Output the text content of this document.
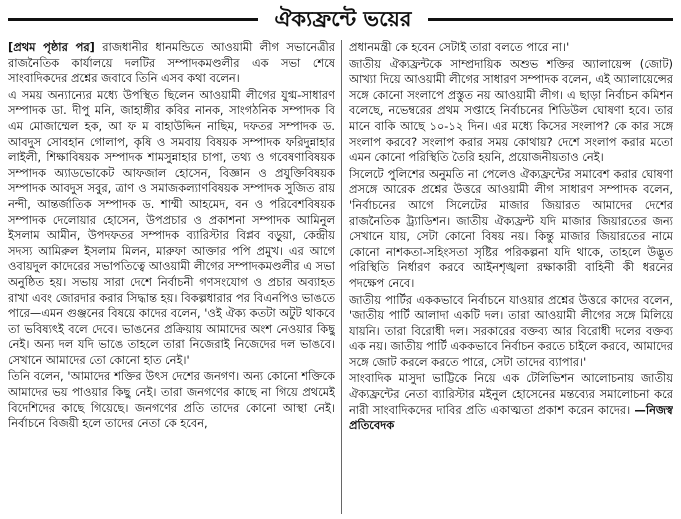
ঐক্যফ্রন্টে ভয়ের

[প্রথম পৃষ্ঠার পর] রাজধানীর ধানমন্ডিতে আওয়ামী লীগ সভানেত্রীর রাজনৈতিক কার্যালয়ে দলটির সম্পাদকমণ্ডলীর এক সভা শেষে সাংবাদিকদের প্রশ্নের জবাবে তিনি এসব কথা বলেন।

এ সময় অন্যান্যের মধ্যে উপস্থিত ছিলেন আওয়ামী লীগের যুগ্ম-সাধারণ সম্পাদক ডা. দীপু মনি, জাহাঙ্গীর কবির নানক, সাংগঠনিক সম্পাদক বি এম মোজাম্মেল হক, আ ফ ম বাহাউদ্দিন নাছিম, দফতর সম্পাদক ড. আবদুস সোবহান গোলাপ, কৃষি ও সমবায় বিষয়ক সম্পাদক ফরিদুন্নাহার লাইলী, শিক্ষাবিষয়ক সম্পাদক শামসুন্নাহার চাপা, তথ্য ও গবেষণাবিষয়ক সম্পাদক অ্যাডভোকেট আফজাল হোসেন, বিজ্ঞান ও প্রযুক্তিবিষয়ক সম্পাদক আবদুস সবুর, ত্রাণ ও সমাজকল্যাণবিষয়ক সম্পাদক সুজিত রায় নন্দী, আন্তর্জাতিক সম্পাদক ড. শাম্মী আহমেদ, বন ও পরিবেশবিষয়ক সম্পাদক দেলোয়ার হোসেন, উপপ্রচার ও প্রকাশনা সম্পাদক আমিনুল ইসলাম আমীন, উপদফতর সম্পাদক ব্যারিস্টার বিপ্লব বড়ুয়া, কেন্দ্রীয় সদস্য আমিরুল ইসলাম মিলন, মারুফা আক্তার পপি প্রমুখ। এর আগে ওবায়দুল কাদেরের সভাপতিত্বে আওয়ামী লীগের সম্পাদকমণ্ডলীর এ সভা অনুষ্ঠিত হয়। সভায় সারা দেশে নির্বাচনী গণসংযোগ ও প্রচার অব্যাহত রাখা এবং জোরদার করার সিদ্ধান্ত হয়। বিকল্পধারার পর বিএনপিও ভাঙতে পারে—এমন গুঞ্জনের বিষয়ে কাদের বলেন, 'ওই ঐক্য কতটা অটুট থাকবে তা ভবিষ্যৎই বলে দেবে। ভাঙনের প্রক্রিয়ায় আমাদের অংশ নেওয়ার কিছু নেই। অন্য দল যদি ভাঙে তাহলে তারা নিজেরাই নিজেদের দল ভাঙবে। সেখানে আমাদের তো কোনো হাত নেই।'

তিনি বলেন, 'আমাদের শক্তির উৎস দেশের জনগণ। অন্য কোনো শক্তিকে আমাদের ভয় পাওয়ার কিছু নেই। তারা জনগণের কাছে না গিয়ে প্রথমেই বিদেশিদের কাছে গিয়েছে। জনগণের প্রতি তাদের কোনো আস্থা নেই। নির্বাচনে বিজয়ী হলে তাদের নেতা কে হবেন,

প্রধানমন্ত্রী কে হবেন সেটাই তারা বলতে পারে না।'

জাতীয় ঐক্যফ্রন্টকে সাম্প্রদায়িক অশুভ শক্তির অ্যালায়েন্স (জোট) আখ্যা দিয়ে আওয়ামী লীগের সাধারণ সম্পাদক বলেন, এই অ্যালায়েন্সের সঙ্গে কোনো সংলাপে প্রস্তুত নয় আওয়ামী লীগ। এ ছাড়া নির্বাচন কমিশন বলেছে, নভেম্বরের প্রথম সপ্তাহে নির্বাচনের শিডিউল ঘোষণা হবে। তার মানে বাকি আছে ১০-১২ দিন। এর মধ্যে কিসের সংলাপ? কে কার সঙ্গে সংলাপ করবে? সংলাপ করার সময় কোথায়? দেশে সংলাপ করার মতো এমন কোনো পরিস্থিতি তৈরি হয়নি, প্রয়োজনীয়তাও নেই।

সিলেটে পুলিশের অনুমতি না পেলেও ঐক্যফ্রন্টের সমাবেশ করার ঘোষণা প্রসঙ্গে আরেক প্রশ্নের উত্তরে আওয়ামী লীগ সাধারণ সম্পাদক বলেন, 'নির্বাচনের আগে সিলেটের মাজার জিয়ারত আমাদের দেশের রাজনৈতিক ট্র্যাডিশন। জাতীয় ঐক্যফ্রন্ট যদি মাজার জিয়ারতের জন্য সেখানে যায়, সেটা কোনো বিষয় নয়। কিন্তু মাজার জিয়ারতের নামে কোনো নাশকতা-সহিংসতা সৃষ্টির পরিকল্পনা যদি থাকে, তাহলে উদ্ভূত পরিস্থিতি নির্ধারণ করবে আইনশৃঙ্খলা রক্ষাকারী বাহিনী কী ধরনের পদক্ষেপ নেবে।

জাতীয় পার্টির এককভাবে নির্বাচনে যাওয়ার প্রশ্নের উত্তরে কাদের বলেন, 'জাতীয় পার্টি আলাদা একটি দল। তারা আওয়ামী লীগের সঙ্গে মিলিয়ে যায়নি। তারা বিরোধী দল। সরকারের বক্তব্য আর বিরোধী দলের বক্তব্য এক নয়। জাতীয় পার্টি এককভাবে নির্বাচন করতে চাইলে করবে, আমাদের সঙ্গে জোট করলে করতে পারে, সেটা তাদের ব্যাপার।'

সাংবাদিক মাসুদা ভাট্টিকে নিয়ে এক টেলিভিশন আলোচনায় জাতীয় ঐক্যফ্রন্টের নেতা ব্যারিস্টার মইনুল হোসেনের মন্তব্যের সমালোচনা করে নারী সাংবাদিকদের দাবির প্রতি একাত্মতা প্রকাশ করেন কাদের। —নিজস্ব প্রতিবেদক
